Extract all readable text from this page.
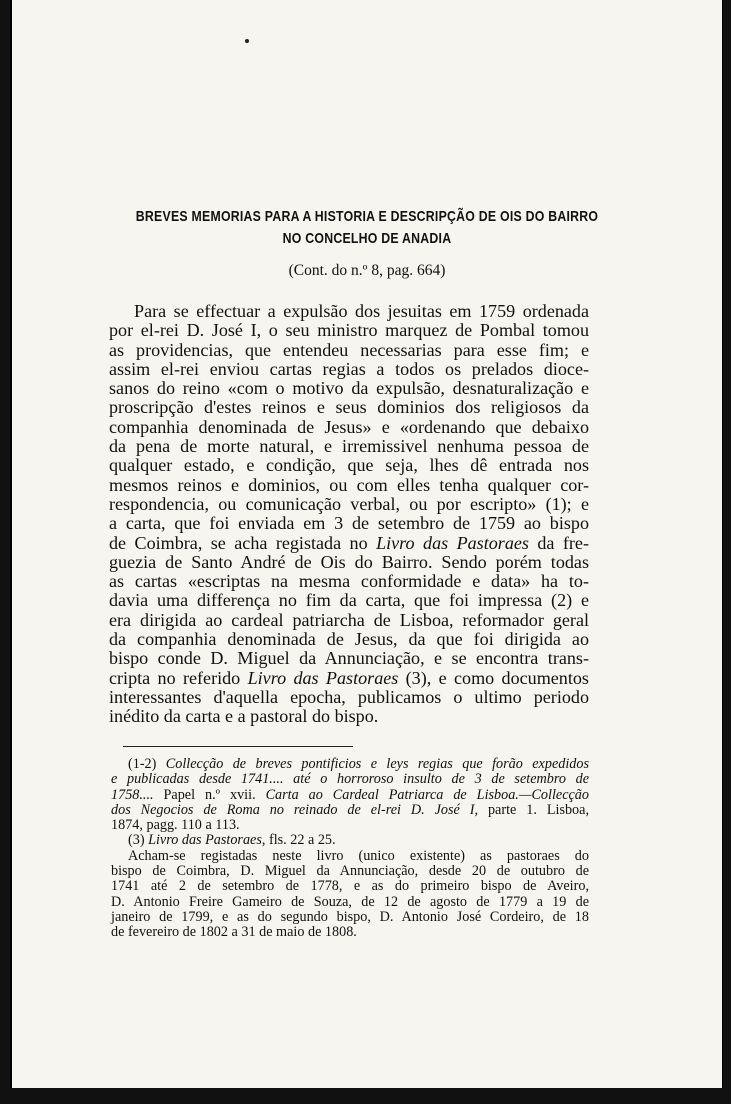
BREVES MEMORIAS PARA A HISTORIA E DESCRIPÇÃO DE OIS DO BAIRRO
NO CONCELHO DE ANADIA
(Cont. do n.º 8, pag. 664)
Para se effectuar a expulsão dos jesuitas em 1759 ordenada
por el-rei D. José I, o seu ministro marquez de Pombal tomou
as providencias, que entendeu necessarias para esse fim; e
assim el-rei enviou cartas regias a todos os prelados dioce-
sanos do reino «com o motivo da expulsão, desnaturalização e
proscripção d'estes reinos e seus dominios dos religiosos da
companhia denominada de Jesus» e «ordenando que debaixo
da pena de morte natural, e irremissivel nenhuma pessoa de
qualquer estado, e condição, que seja, lhes dê entrada nos
mesmos reinos e dominios, ou com elles tenha qualquer cor-
respondencia, ou comunicação verbal, ou por escripto» (1); e
a carta, que foi enviada em 3 de setembro de 1759 ao bispo
de Coimbra, se acha registada no Livro das Pastoraes da fre-
guezia de Santo André de Ois do Bairro. Sendo porém todas
as cartas «escriptas na mesma conformidade e data» ha to-
davia uma differença no fim da carta, que foi impressa (2) e
era dirigida ao cardeal patriarcha de Lisboa, reformador geral
da companhia denominada de Jesus, da que foi dirigida ao
bispo conde D. Miguel da Annunciação, e se encontra trans-
cripta no referido Livro das Pastoraes (3), e como documentos
interessantes d'aquella epocha, publicamos o ultimo periodo
inédito da carta e a pastoral do bispo.
(1-2) Collecção de breves pontificios e leys regias que forão expedidos
e publicadas desde 1741.... até o horroroso insulto de 3 de setembro de
1758.... Papel n.º xvii. Carta ao Cardeal Patriarca de Lisboa.—Collecção
dos Negocios de Roma no reinado de el-rei D. José I, parte 1. Lisboa,
1874, pagg. 110 a 113.
(3) Livro das Pastoraes, fls. 22 a 25.
Acham-se registadas neste livro (unico existente) as pastoraes do
bispo de Coimbra, D. Miguel da Annunciação, desde 20 de outubro de
1741 até 2 de setembro de 1778, e as do primeiro bispo de Aveiro,
D. Antonio Freire Gameiro de Souza, de 12 de agosto de 1779 a 19 de
janeiro de 1799, e as do segundo bispo, D. Antonio José Cordeiro, de 18
de fevereiro de 1802 a 31 de maio de 1808.
